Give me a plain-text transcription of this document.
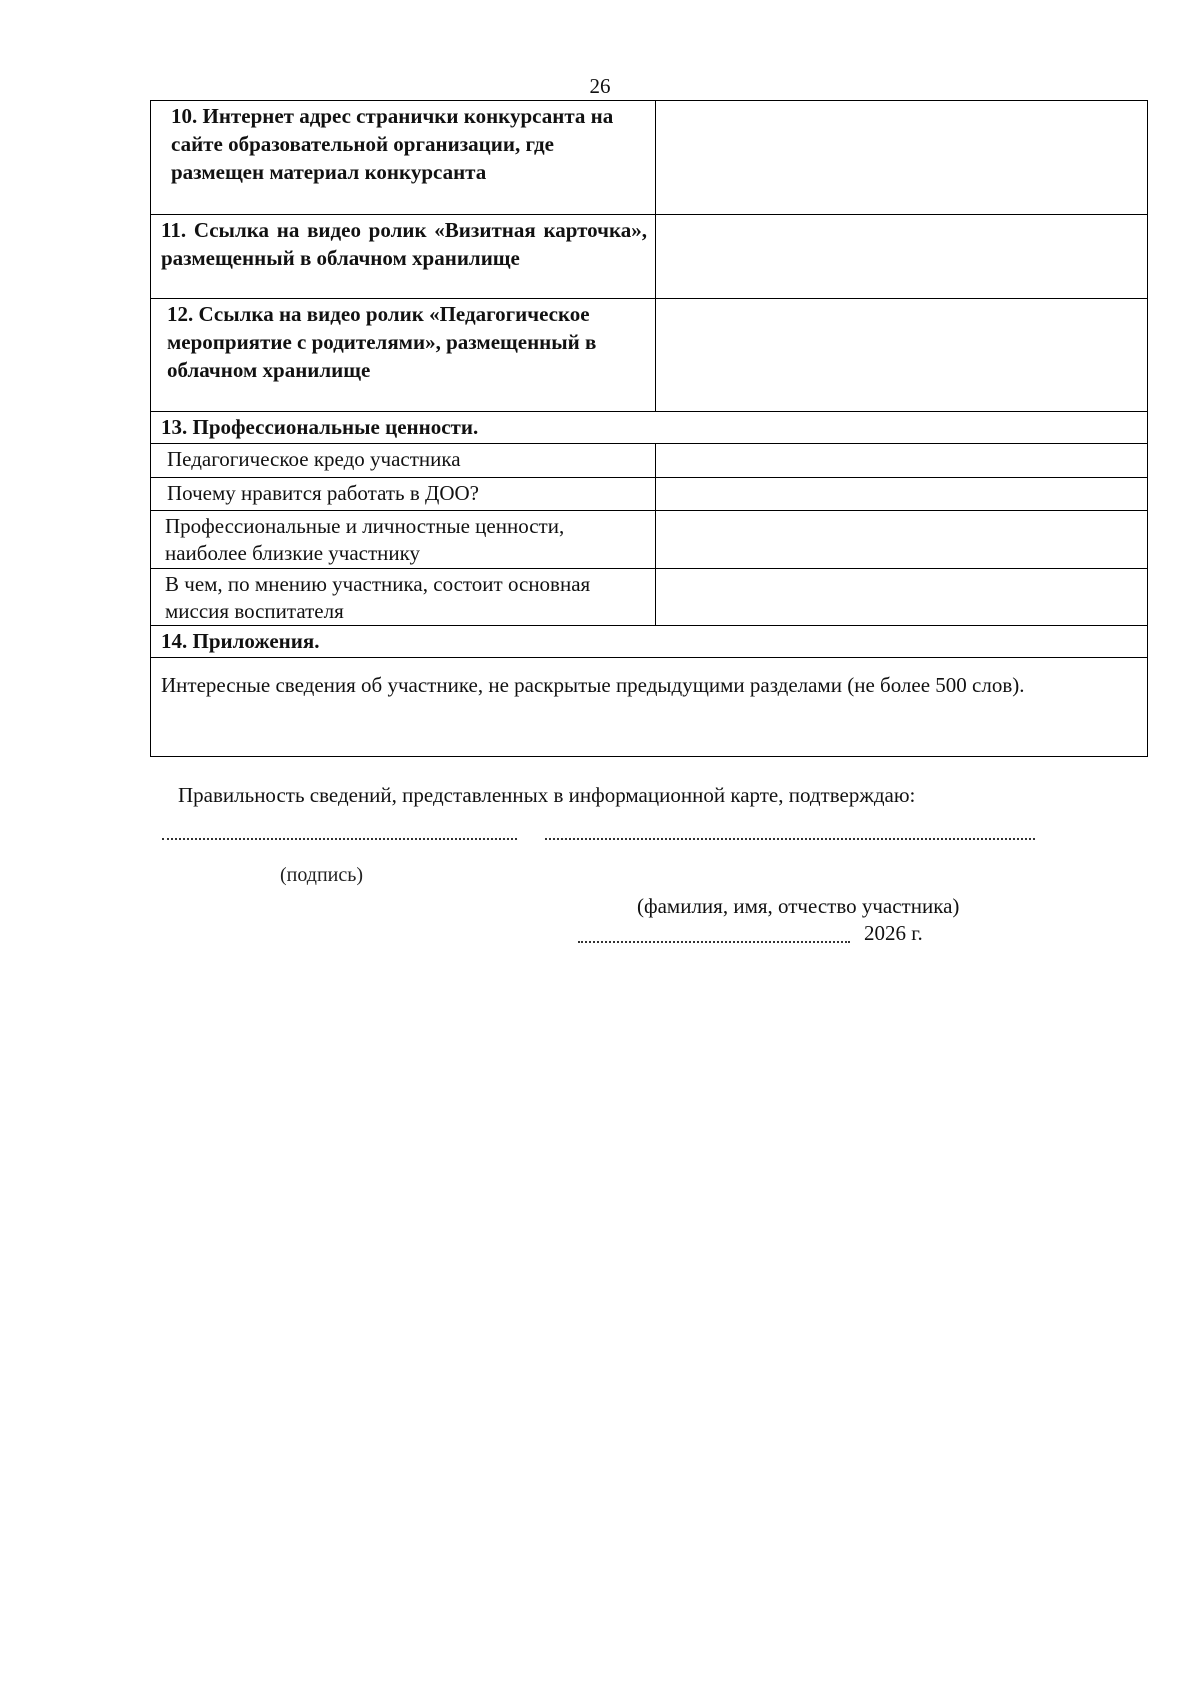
26
10. Интернет адрес странички конкурсанта на сайте образовательной организации, где размещен материал конкурсанта	

11. Ссылка на видео ролик «Визитная карточка», размещенный в облачном хранилище	

12. Ссылка на видео ролик «Педагогическое мероприятие с родителями», размещенный в облачном хранилище	

13. Профессиональные ценности.	

Педагогическое кредо участника	

Почему нравится работать в ДОО?	

Профессиональные и личностные ценности, наиболее близкие участнику	

В чем, по мнению участника, состоит основная миссия воспитателя	

14. Приложения.	

Интересные сведения об участнике, не раскрытые предыдущими разделами (не более 500 слов).	
Правильность сведений, представленных в информационной карте, подтверждаю:
(подпись)
(фамилия, имя, отчество участника)
2026 г.
